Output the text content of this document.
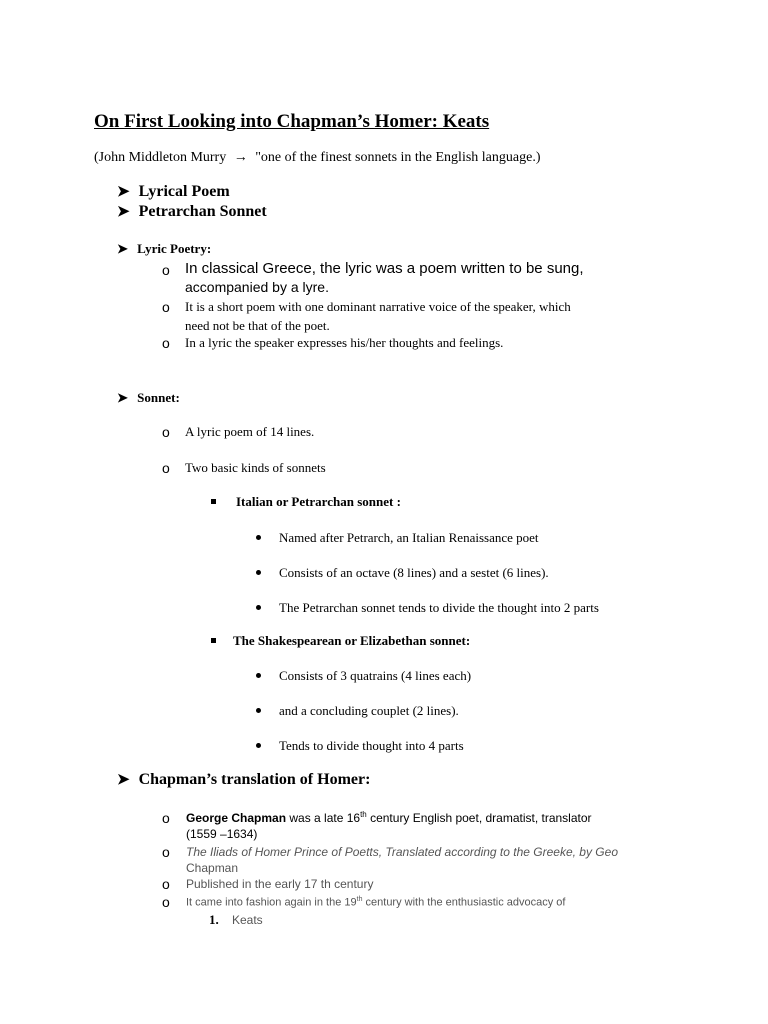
On First Looking into Chapman’s Homer: Keats
(John Middleton Murry → "one of the finest sonnets in the English language.)
➤ Lyrical Poem
➤ Petrarchan Sonnet
➤ Lyric Poetry:
o In classical Greece, the lyric was a poem written to be sung,
accompanied by a lyre.
o It is a short poem with one dominant narrative voice of the speaker, which
need not be that of the poet.
o In a lyric the speaker expresses his/her thoughts and feelings.
➤ Sonnet:
o A lyric poem of 14 lines.
o Two basic kinds of sonnets
Italian or Petrarchan sonnet :
Named after Petrarch, an Italian Renaissance poet
Consists of an octave (8 lines) and a sestet (6 lines).
The Petrarchan sonnet tends to divide the thought into 2 parts
The Shakespearean or Elizabethan sonnet:
Consists of 3 quatrains (4 lines each)
and a concluding couplet (2 lines).
Tends to divide thought into 4 parts
➤ Chapman’s translation of Homer:
o George Chapman was a late 16th century English poet, dramatist, translator
(1559 –1634)
o The Iliads of Homer Prince of Poetts, Translated according to the Greeke, by Geo
Chapman
o Published in the early 17 th century
o It came into fashion again in the 19th century with the enthusiastic advocacy of
1. Keats
